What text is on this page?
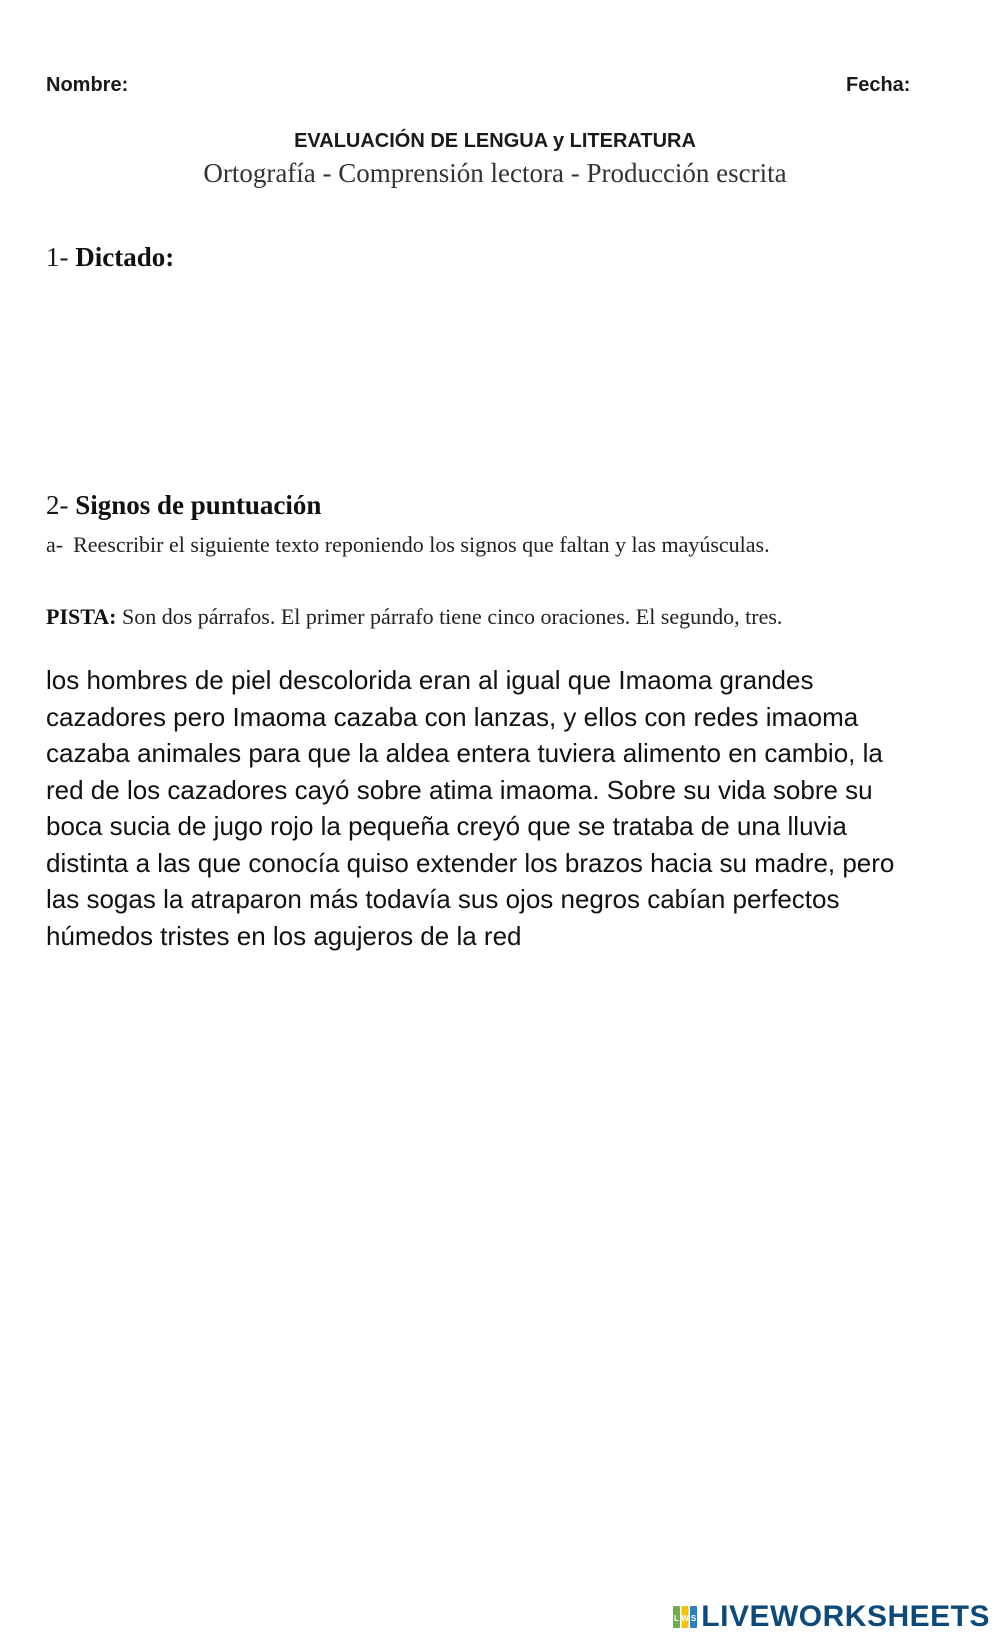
Nombre:	Fecha:
EVALUACIÓN DE LENGUA y LITERATURA
Ortografía - Comprensión lectora - Producción escrita
1- Dictado:
2- Signos de puntuación
a- Reescribir el siguiente texto reponiendo los signos que faltan y las mayúsculas.
PISTA: Son dos párrafos. El primer párrafo tiene cinco oraciones. El segundo, tres.
los hombres de piel descolorida eran al igual que Imaoma grandes
cazadores pero Imaoma cazaba con lanzas, y ellos con redes imaoma
cazaba animales para que la aldea entera tuviera alimento en cambio, la
red de los cazadores cayó sobre atima imaoma. Sobre su vida sobre su
boca sucia de jugo rojo la pequeña creyó que se trataba de una lluvia
distinta a las que conocía quiso extender los brazos hacia su madre, pero
las sogas la atraparon más todavía sus ojos negros cabían perfectos
húmedos tristes en los agujeros de la red
L W S LIVEWORKSHEETS
